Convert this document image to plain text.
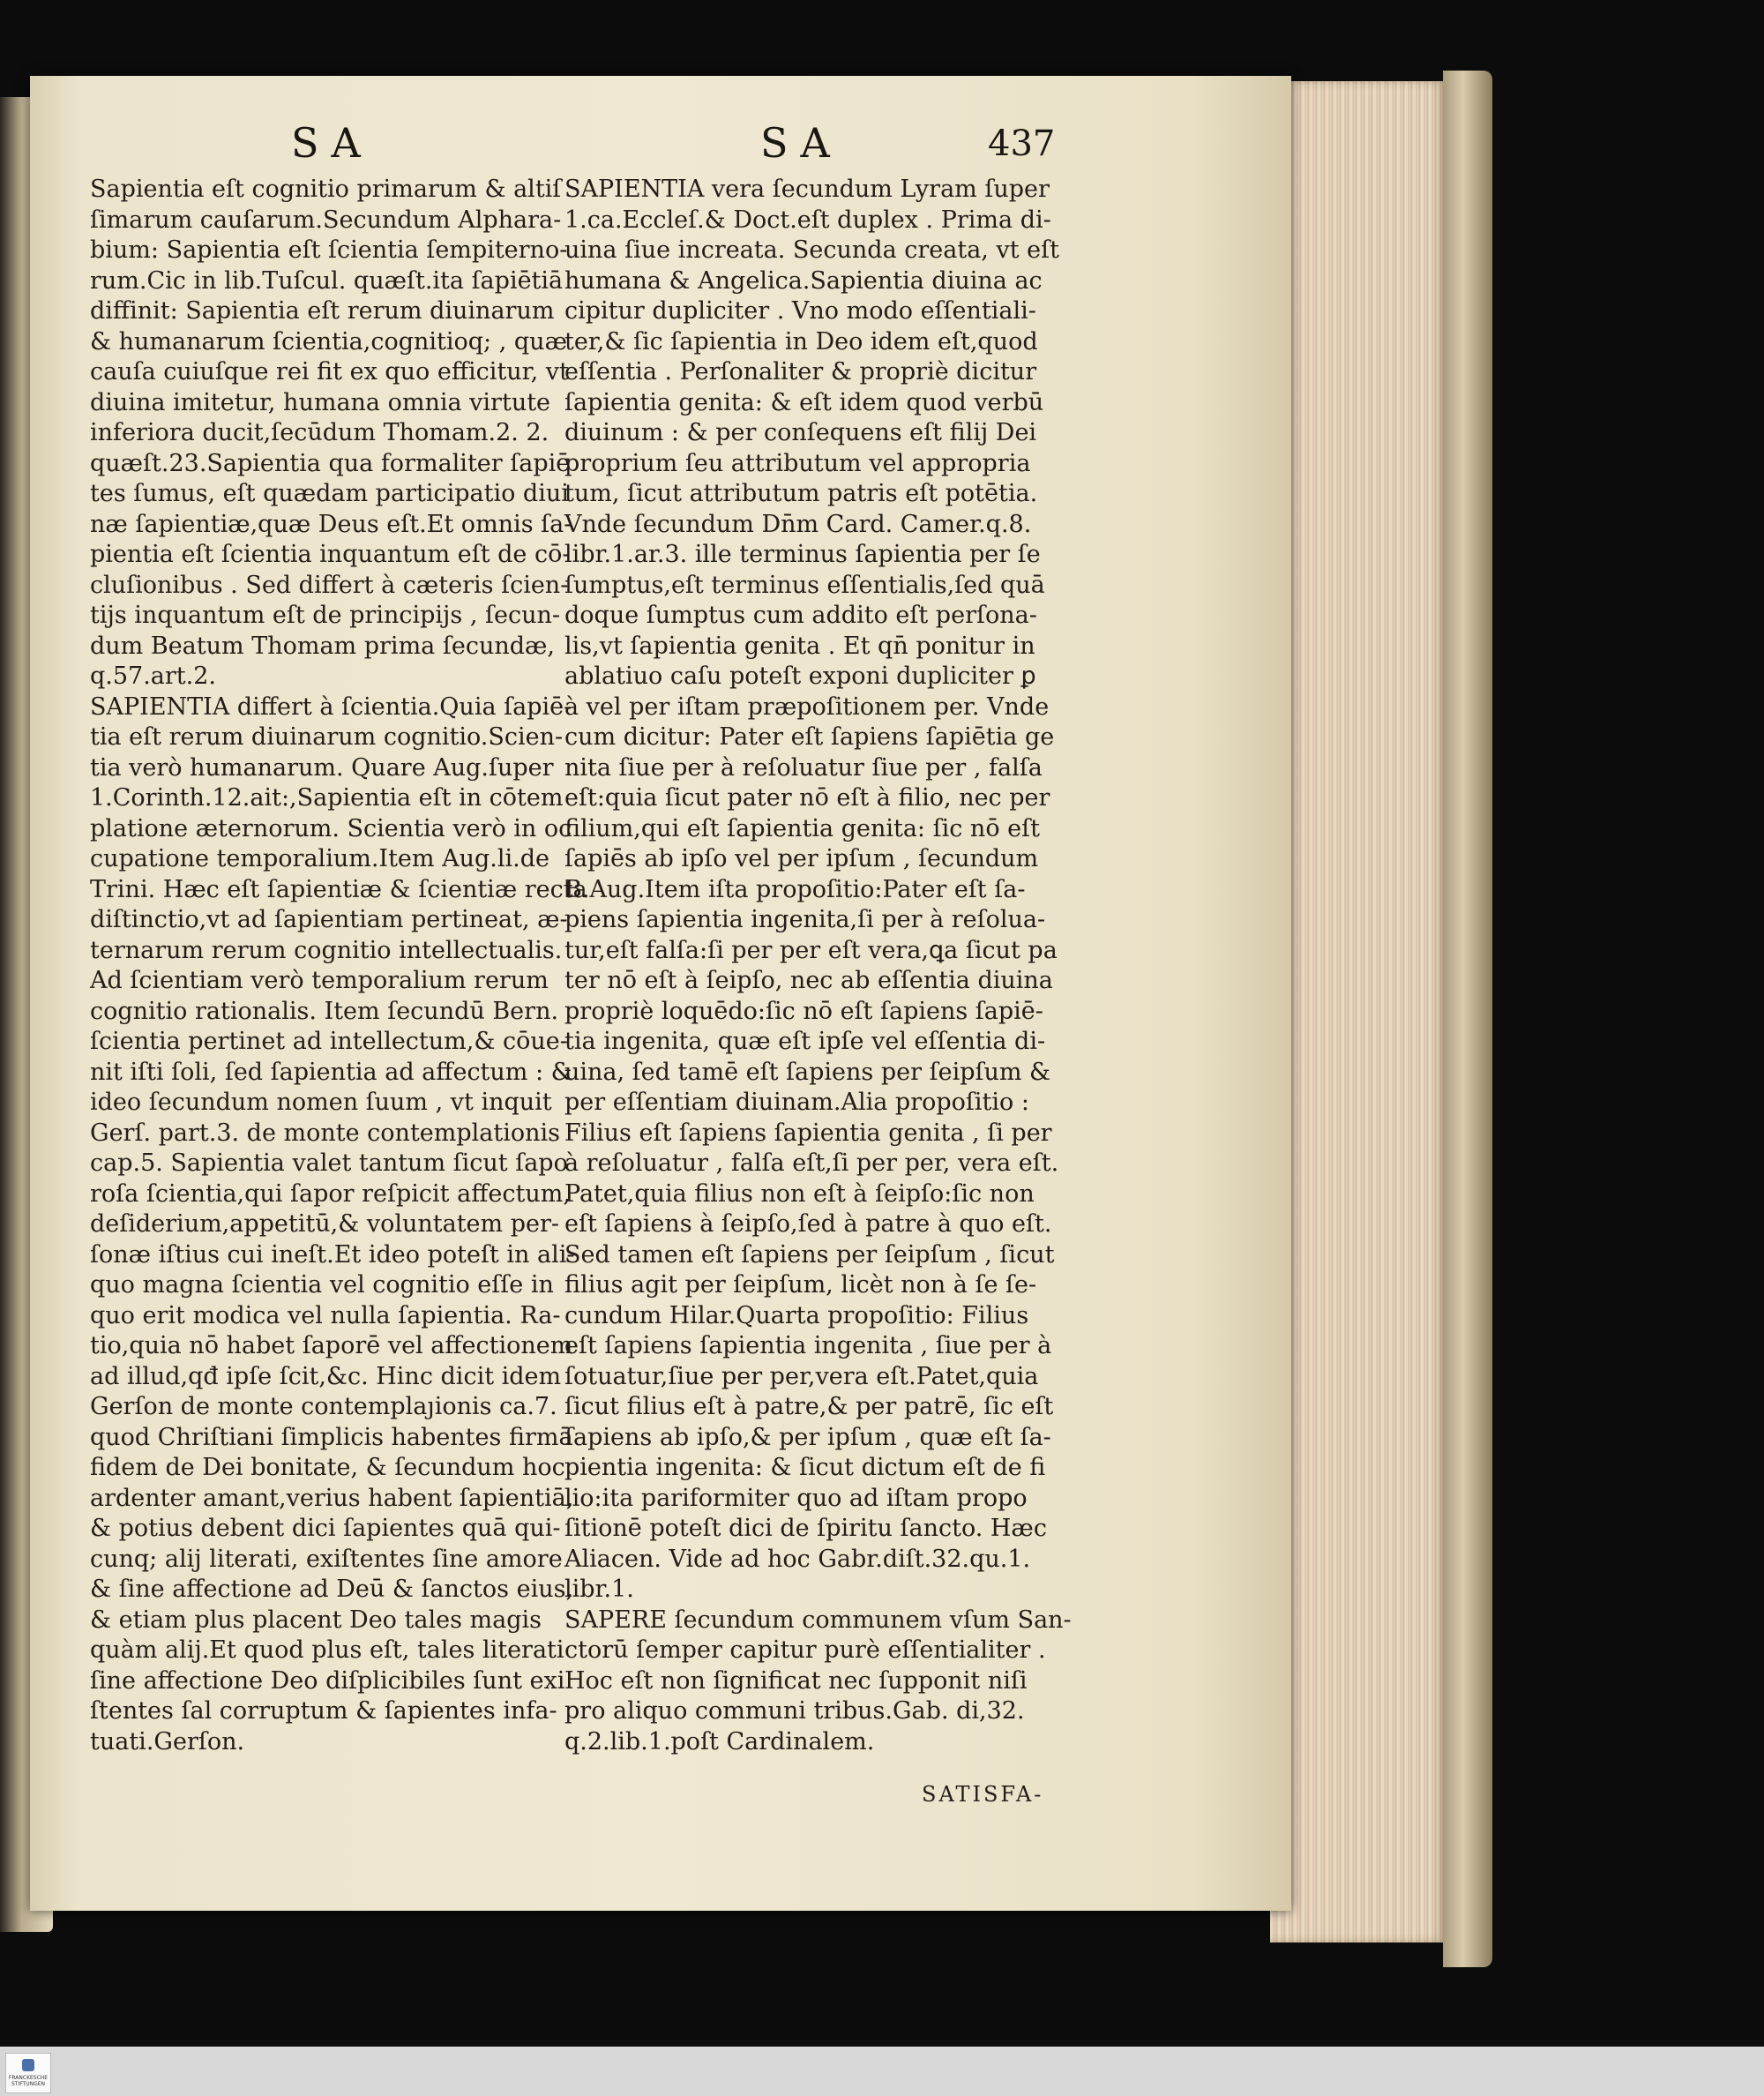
SA	SA	437

Sapientia eſt cognitio primarum & altiſ

ſimarum cauſarum.Secundum Alphara-

bium: Sapientia eſt ſcientia ſempiterno-

rum.Cic in lib.Tuſcul. quæſt.ita ſapiētiā

diffinit: Sapientia eſt rerum diuinarum

& humanarum ſcientia,cognitioq; , quæ

cauſa cuiuſque rei fit ex quo efficitur, vt

diuina imitetur, humana omnia virtute

inferiora ducit,ſecūdum Thomam.2. 2.

quæſt.23.Sapientia qua formaliter ſapiē

tes ſumus, eſt quædam participatio diui

næ ſapientiæ,quæ Deus eſt.Et omnis ſa-

pientia eſt ſcientia inquantum eſt de cō-

cluſionibus . Sed differt à cæteris ſcien-

tijs inquantum eſt de principijs , ſecun-

dum Beatum Thomam prima ſecundæ,

q.57.art.2.

SAPIENTIA differt à ſcientia.Quia ſapiē-

tia eſt rerum diuinarum cognitio.Scien-

tia verò humanarum. Quare Aug.ſuper

1.Corinth.12.ait:,Sapientia eſt in cōtem

platione æternorum. Scientia verò in oc

cupatione temporalium.Item Aug.li.de

Trini. Hæc eſt ſapientiæ & ſcientiæ recta

diſtinctio,vt ad ſapientiam pertineat, æ-

ternarum rerum cognitio intellectualis.

Ad ſcientiam verò temporalium rerum

cognitio rationalis. Item ſecundū Bern.

ſcientia pertinet ad intellectum,& cōue-

nit iſti ſoli, ſed ſapientia ad affectum : &

ideo ſecundum nomen ſuum , vt inquit

Gerſ. part.3. de monte contemplationis

cap.5. Sapientia valet tantum ſicut ſapo

roſa ſcientia,qui ſapor reſpicit affectum,

deſiderium,appetitū,& voluntatem per-

ſonæ iſtius cui ineſt.Et ideo poteſt in ali-

quo magna ſcientia vel cognitio eſſe in

quo erit modica vel nulla ſapientia. Ra-

tio,quia nō habet ſaporē vel affectionem

ad illud,qđ ipſe ſcit,&c. Hinc dicit idem

Gerſon de monte contemplaȷionis ca.7.

quod Chriſtiani ſimplicis habentes firmā

fidem de Dei bonitate, & ſecundum hoc

ardenter amant,verius habent ſapientiā,

& potius debent dici ſapientes quā qui-

cunq; alij literati, exiſtentes ſine amore

& ſine affectione ad Deū & ſanctos eius,

& etiam plus placent Deo tales magis

quàm alij.Et quod plus eſt, tales literati

ſine affectione Deo diſplicibiles ſunt exi

ſtentes ſal corruptum & ſapientes infa-

tuati.Gerſon.

SAPIENTIA vera ſecundum Lyram ſuper

1.ca.Eccleſ.& Doct.eſt duplex . Prima di-

uina ſiue increata. Secunda creata, vt eſt

humana & Angelica.Sapientia diuina ac

cipitur dupliciter . Vno modo eſſentiali-

ter,& ſic ſapientia in Deo idem eſt,quod

eſſentia . Perſonaliter & propriè dicitur

ſapientia genita: & eſt idem quod verbū

diuinum : & per conſequens eſt filij Dei

proprium ſeu attributum vel appropria

tum, ſicut attributum patris eſt potētia.

Vnde ſecundum Dn̄m Card. Camer.q.8.

libr.1.ar.3. ille terminus ſapientia per ſe

ſumptus,eſt terminus eſſentialis,ſed quā

doque ſumptus cum addito eſt perſona-

lis,vt ſapientia genita . Et qn̄ ponitur in

ablatiuo caſu poteſt exponi dupliciter ꝑ

à vel per iſtam præpoſitionem per. Vnde

cum dicitur: Pater eſt ſapiens ſapiētia ge

nita ſiue per à reſoluatur ſiue per , falſa

eſt:quia ſicut pater nō eſt à filio, nec per

filium,qui eſt ſapientia genita: ſic nō eſt

ſapiēs ab ipſo vel per ipſum , ſecundum

B.Aug.Item iſta propoſitio:Pater eſt ſa-

piens ſapientia ingenita,ſi per à reſolua-

tur,eſt falſa:ſi per per eſt vera,ꝗa ſicut pa

ter nō eſt à ſeipſo, nec ab eſſentia diuina

propriè loquēdo:ſic nō eſt ſapiens ſapiē-

tia ingenita, quæ eſt ipſe vel eſſentia di-

uina, ſed tamē eſt ſapiens per ſeipſum &

per eſſentiam diuinam.Alia propoſitio :

Filius eſt ſapiens ſapientia genita , ſi per

à reſoluatur , falſa eſt,ſi per per, vera eſt.

Patet,quia filius non eſt à ſeipſo:ſic non

eſt ſapiens à ſeipſo,ſed à patre à quo eſt.

Sed tamen eſt ſapiens per ſeipſum , ſicut

filius agit per ſeipſum, licèt non à ſe ſe-

cundum Hilar.Quarta propoſitio: Filius

eſt ſapiens ſapientia ingenita , ſiue per à

ſotuatur,ſiue per per,vera eſt.Patet,quia

ſicut filius eſt à patre,& per patrē, ſic eſt

ſapiens ab ipſo,& per ipſum , quæ eſt ſa-

pientia ingenita: & ſicut dictum eſt de fi

lio:ita pariformiter quo ad iſtam propo

ſitionē poteſt dici de ſpiritu ſancto. Hæc

Aliacen. Vide ad hoc Gabr.diſt.32.qu.1.

libr.1.

SAPERE ſecundum communem vſum San-

ctorū ſemper capitur purè eſſentialiter .

Hoc eſt non ſignificat nec ſupponit niſi

pro aliquo communi tribus.Gab. di,32.

q.2.lib.1.poſt Cardinalem.

SATISFA-
FRANCKESCHE STIFTUNGEN
